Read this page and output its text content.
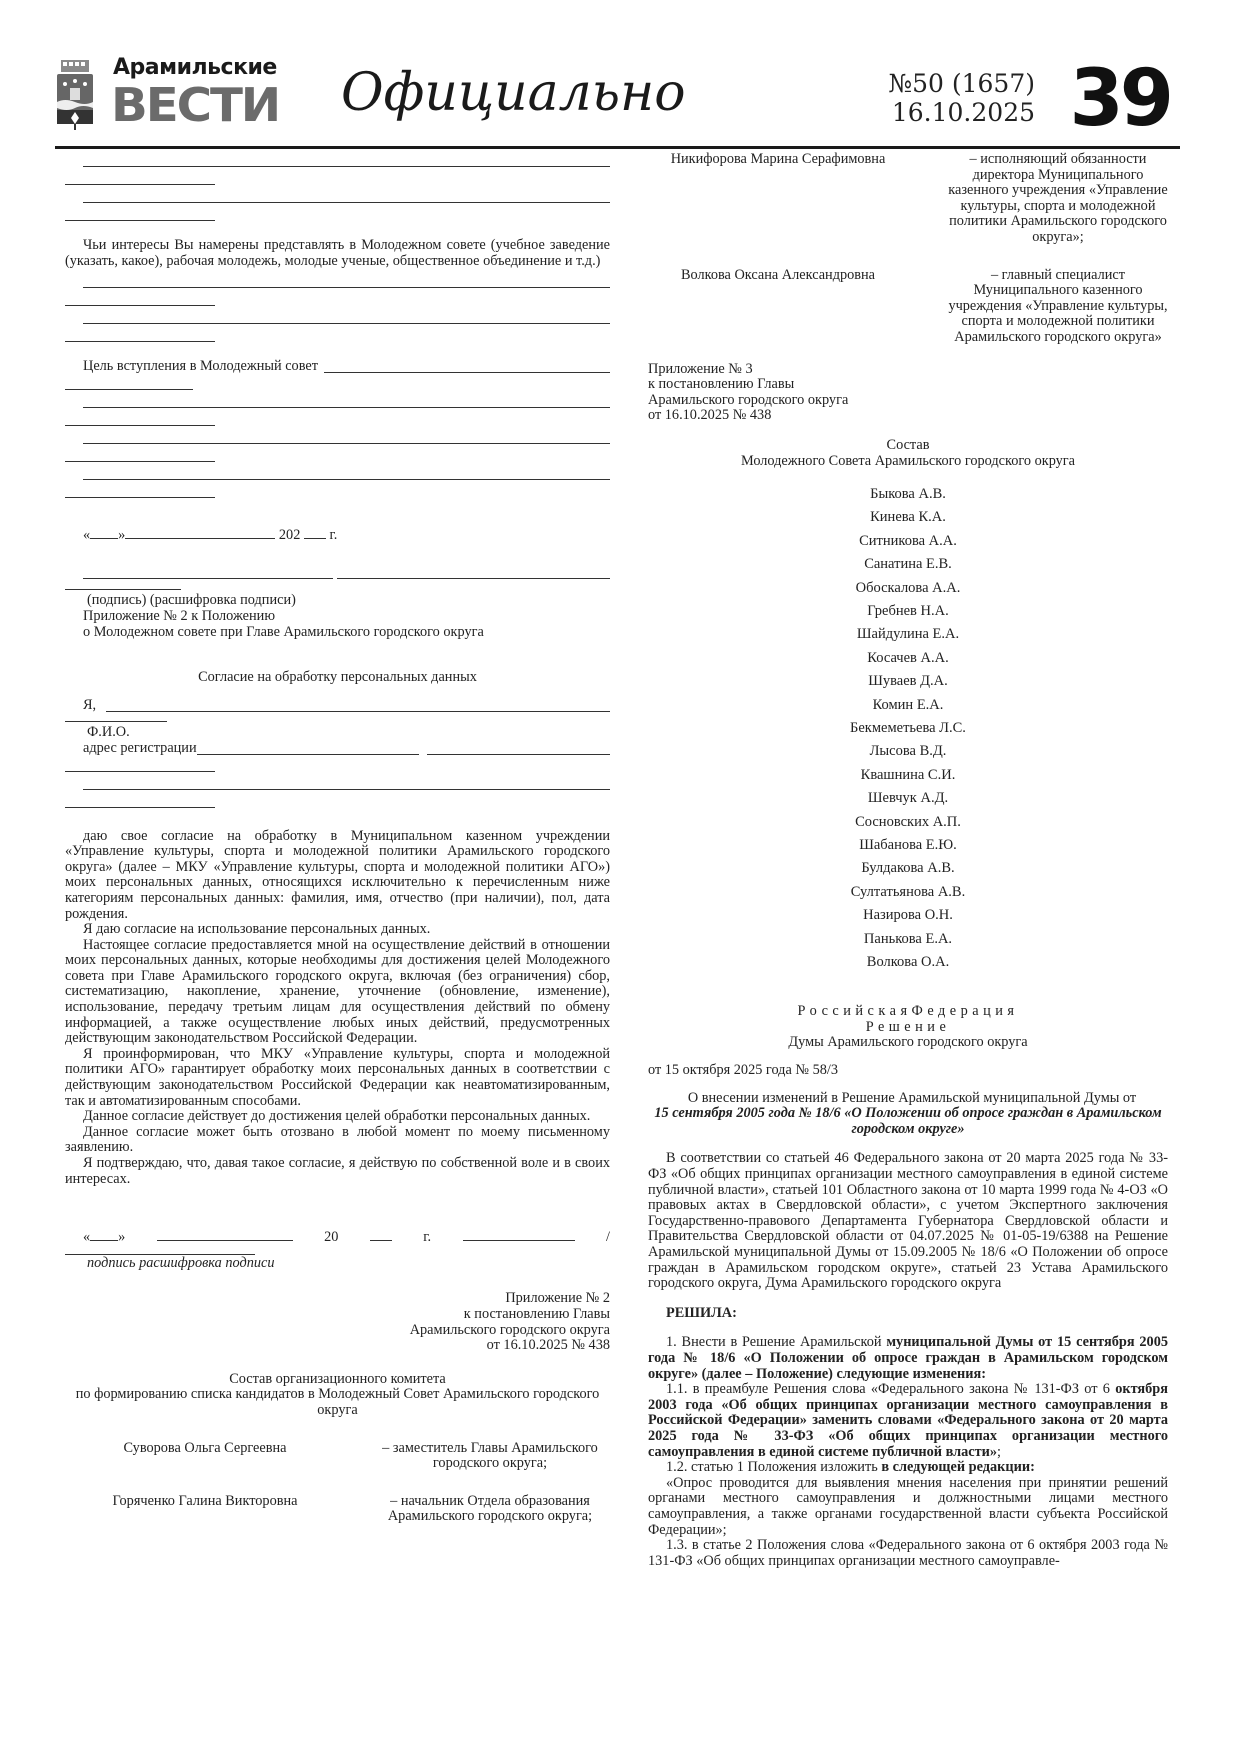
Арамильские
ВЕСТИ Официально	№50 (1657)
16.10.2025 39
Чьи интересы Вы намерены представлять в Молодежном совете (учебное заведение (указать, какое), рабочая молодежь, молодые ученые, общественное объединение и т.д.)
Цель вступления в Молодежный совет
« »	202 г.
(подпись) (расшифровка подписи)
Приложение № 2 к Положению
о Молодежном совете при Главе Арамильского городского округа
Согласие на обработку персональных данных
Я,
Ф.И.О.
адрес регистрации
даю свое согласие на обработку в Муниципальном казенном учреждении «Управление культуры, спорта и молодежной политики Арамильского городского округа» (далее – МКУ «Управление культуры, спорта и молодежной политики АГО») моих персональных данных, относящихся исключительно к перечисленным ниже категориям персональных данных: фамилия, имя, отчество (при наличии), пол, дата рождения.
Я даю согласие на использование персональных данных.
Настоящее согласие предоставляется мной на осуществление действий в отношении моих персональных данных, которые необходимы для достижения целей Молодежного совета при Главе Арамильского городского округа, включая (без ограничения) сбор, систематизацию, накопление, хранение, уточнение (обновление, изменение), использование, передачу третьим лицам для осуществления действий по обмену информацией, а также осуществление любых иных действий, предусмотренных действующим законодательством Российской Федерации.
Я проинформирован, что МКУ «Управление культуры, спорта и молодежной политики АГО» гарантирует обработку моих персональных данных в соответствии с действующим законодательством Российской Федерации как неавтоматизированным, так и автоматизированным способами.
Данное согласие действует до достижения целей обработки персональных данных.
Данное согласие может быть отозвано в любой момент по моему письменному заявлению.
Я подтверждаю, что, давая такое согласие, я действую по собственной воле и в своих интересах.
« »	20	г.	/
подпись расшифровка подписи
Приложение № 2
к постановлению Главы
Арамильского городского округа
от 16.10.2025 № 438
Состав организационного комитета
по формированию списка кандидатов в Молодежный Совет Арамильского городского округа
Суворова Ольга Сергеевна	– заместитель Главы Арамильского городского округа;
Горяченко Галина Викторовна	– начальник Отдела образования Арамильского городского округа;
Никифорова Марина Серафимовна	– исполняющий обязанности директора Муниципального казенного учреждения «Управление культуры, спорта и молодежной политики Арамильского городского округа»;
Волкова Оксана Александровна	– главный специалист Муниципального казенного учреждения «Управление культуры, спорта и молодежной политики Арамильского городского округа»
Приложение № 3
к постановлению Главы
Арамильского городского округа
от 16.10.2025 № 438
Состав
Молодежного Совета Арамильского городского округа
Быкова А.В.
Кинева К.А.
Ситникова А.А.
Санатина Е.В.
Обоскалова А.А.
Гребнев Н.А.
Шайдулина Е.А.
Косачев А.А.
Шуваев Д.А.
Комин Е.А.
Бекмеметьева Л.С.
Лысова В.Д.
Квашнина С.И.
Шевчук А.Д.
Сосновских А.П.
Шабанова Е.Ю.
Булдакова А.В.
Султатьянова А.В.
Назирова О.Н.
Панькова Е.А.
Волкова О.А.
РоссийскаяФедерация
Решение
Думы Арамильского городского округа
от 15 октября 2025 года № 58/3
О внесении изменений в Решение Арамильской муниципальной Думы от
15 сентября 2005 года № 18/6 «О Положении об опросе граждан в Арамильском городском округе»
В соответствии со статьей 46 Федерального закона от 20 марта 2025 года № 33-ФЗ «Об общих принципах организации местного самоуправления в единой системе публичной власти», статьей 101 Областного закона от 10 марта 1999 года № 4-ОЗ «О правовых актах в Свердловской области», с учетом Экспертного заключения Государственно-правового Департамента Губернатора Свердловской области и Правительства Свердловской области от 04.07.2025 № 01-05-19/6388 на Решение Арамильской муниципальной Думы от 15.09.2005 № 18/6 «О Положении об опросе граждан в Арамильском городском округе», статьей 23 Устава Арамильского городского округа, Дума Арамильского городского округа
РЕШИЛА:
1. Внести в Решение Арамильской муниципальной Думы от 15 сентября 2005 года № 18/6 «О Положении об опросе граждан в Арамильском городском округе» (далее – Положение) следующие изменения:
1.1. в преамбуле Решения слова «Федерального закона № 131-ФЗ от 6 октября 2003 года «Об общих принципах организации местного самоуправления в Российской Федерации» заменить словами «Федерального закона от 20 марта 2025 года № 33-ФЗ «Об общих принципах организации местного самоуправления в единой системе публичной власти»;
1.2. статью 1 Положения изложить в следующей редакции:
«Опрос проводится для выявления мнения населения при принятии решений органами местного самоуправления и должностными лицами местного самоуправления, а также органами государственной власти субъекта Российской Федерации»;
1.3. в статье 2 Положения слова «Федерального закона от 6 октября 2003 года № 131-ФЗ «Об общих принципах организации местного самоуправле-
